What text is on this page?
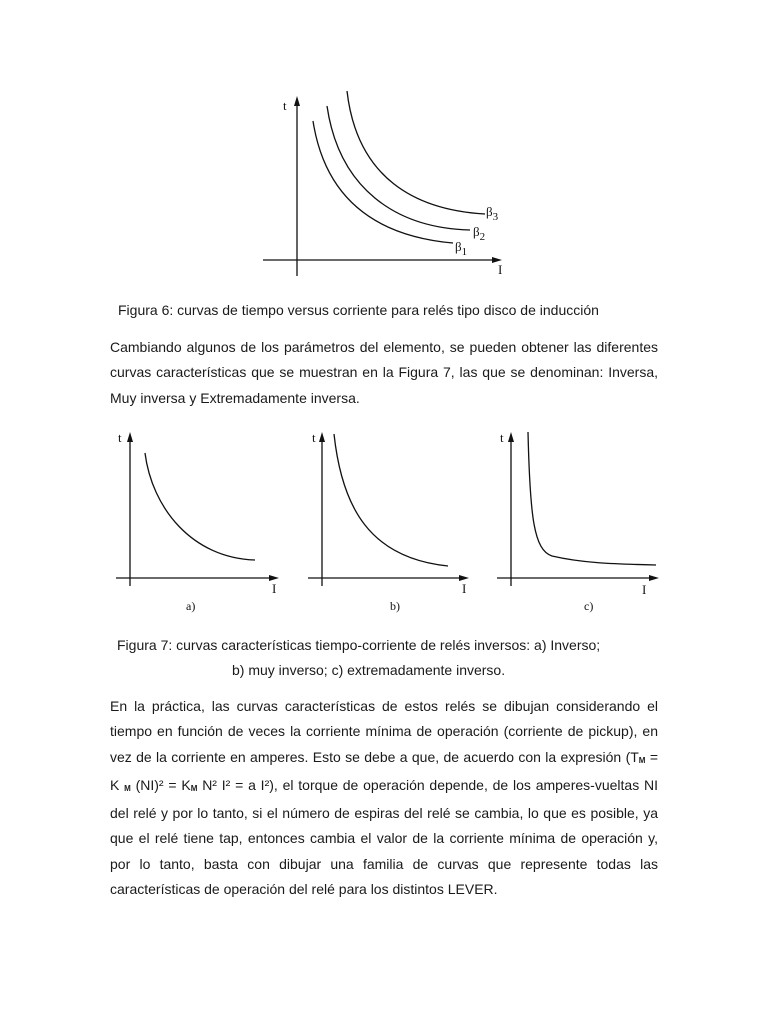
t
I
$\beta_1$
$\beta_2$
$\beta_3$
Figura 6: curvas de tiempo versus corriente para relés tipo disco de inducción

Cambiando algunos de los parámetros del elemento, se pueden obtener las diferentes curvas características que se muestran en la Figura 7, las que se denominan: Inversa, Muy inversa y Extremadamente inversa.

t
I
a)
t
I
b)
t
I
c)
Figura 7: curvas características tiempo-corriente de relés inversos: a) Inverso;
b) muy inverso; c) extremadamente inverso.

En la práctica, las curvas características de estos relés se dibujan considerando el tiempo en función de veces la corriente mínima de operación (corriente de pickup), en vez de la corriente en amperes. Esto se debe a que, de acuerdo con la expresión (TM = K M (NI)² = KM N² I² = a I²), el torque de operación depende, de los amperes-vueltas NI del relé y por lo tanto, si el número de espiras del relé se cambia, lo que es posible, ya que el relé tiene tap, entonces cambia el valor de la corriente mínima de operación y, por lo tanto, basta con dibujar una familia de curvas que represente todas las características de operación del relé para los distintos LEVER.
